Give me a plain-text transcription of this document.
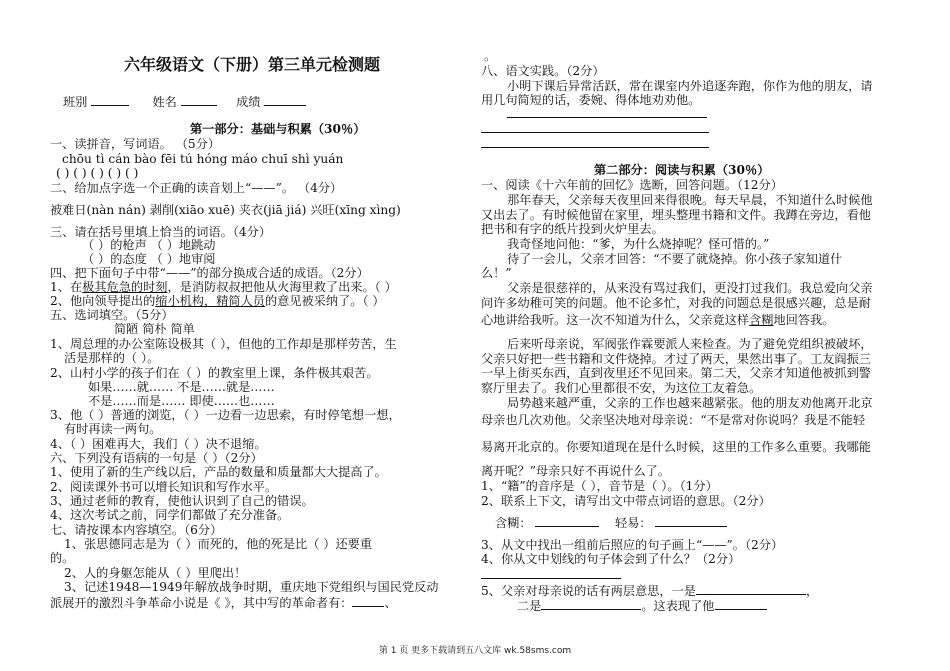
六年级语文（下册）第三单元检测题
班别	姓名	成绩
第一部分：基础与积累（30％）
一、读拼音，写词语。 （5分）
chōu tì cán bào fēi tú hóng máo chuī shì yuán
( ) ( ) ( ) ( ) ( )
二、给加点字选一个正确的读音划上“——”。 （4分）
被难日(nàn nán) 剥削(xiāo xuē) 夹衣(jiā jiá) 兴旺(xīng xìng)
三、请在括号里填上恰当的词语。（4分）
（ ）的枪声 （ ）地跳动
（ ）的态度 （ ）地审阅
四、把下面句子中带“——”的部分换成合适的成语。（2分）
1、在极其危急的时刻，是消防叔叔把他从火海里救了出来。（ ）
2、他向领导提出的缩小机构，精简人员的意见被采纳了。（ ）
五、选词填空。（5分）
简陋 简朴 简单
1、周总理的办公室陈设极其（ ），但他的工作却是那样劳苦，生
活是那样的（ ）。
2、山村小学的孩子们在（ ）的教室里上课，条件极其艰苦。
如果……就…… 不是……就是……
不是……而是…… 即使……也……
3、他（ ）普通的浏览，（ ）一边看一边思索，有时停笔想一想，
有时再读一两句。
4、（ ）困难再大，我们（ ）决不退缩。
六、下列没有语病的一句是（ ）（2分）
1、使用了新的生产线以后，产品的数量和质量都大大提高了。
2、阅读课外书可以增长知识和写作水平。
3、通过老师的教育，使他认识到了自己的错误。
4、这次考试之前，同学们都做了充分准备。
七、请按课本内容填空。（6分）
1、张思德同志是为（ ）而死的，他的死是比（ ）还要重
的。
2、人的身躯怎能从（ ）里爬出！
3、记述1948—1949年解放战争时期，重庆地下党组织与国民党反动
派展开的激烈斗争革命小说是《 》，其中写的革命者有：	、
。
八、语文实践。（2分）
小明下课后异常活跃，常在课室内外追逐奔跑，你作为他的朋友，请
用几句简短的话，委婉、得体地劝劝他。
第二部分：阅读与积累（30％）
一、阅读《十六年前的回忆》选断，回答问题。（12分）
那年春天，父亲每天夜里回来得很晚。每天早晨，不知道什么时候他
又出去了。有时候他留在家里，埋头整理书籍和文件。我蹲在旁边，看他
把书和有字的纸片投到火炉里去。
我奇怪地问他：“爹，为什么烧掉呢？怪可惜的。”
待了一会儿，父亲才回答：“不要了就烧掉。你小孩子家知道什
么！”
父亲是很慈祥的，从来没有骂过我们，更没打过我们。我总爱向父亲
问许多幼稚可笑的问题。他不论多忙，对我的问题总是很感兴趣，总是耐
心地讲给我听。这一次不知道为什么，父亲竟这样含糊地回答我。
后来听母亲说，军阀张作霖要派人来检查。为了避免党组织被破坏，
父亲只好把一些书籍和文件烧掉。才过了两天，果然出事了。工友阎振三
一早上街买东西，直到夜里还不见回来。第二天，父亲才知道他被抓到警
察厅里去了。我们心里都很不安，为这位工友着急。
局势越来越严重，父亲的工作也越来越紧张。他的朋友劝他离开北京
母亲也几次劝他。父亲坚决地对母亲说：“不是常对你说吗？我是不能轻
易离开北京的。你要知道现在是什么时候，这里的工作多么重要。我哪能
离开呢？”母亲只好不再说什么了。
1、“籍”的音序是（ ），音节是（ ）。（1分）
2、联系上下文，请写出文中带点词语的意思。（2分）
含糊：	轻易：
3、从文中找出一组前后照应的句子画上“——”。（2分）
4、你从文中划线的句子体会到了什么？（2分）
5、父亲对母亲说的话有两层意思，一是	，
二是	。这表现了他
第 1 页 更多下载请到五八文库 wk.58sms.com
